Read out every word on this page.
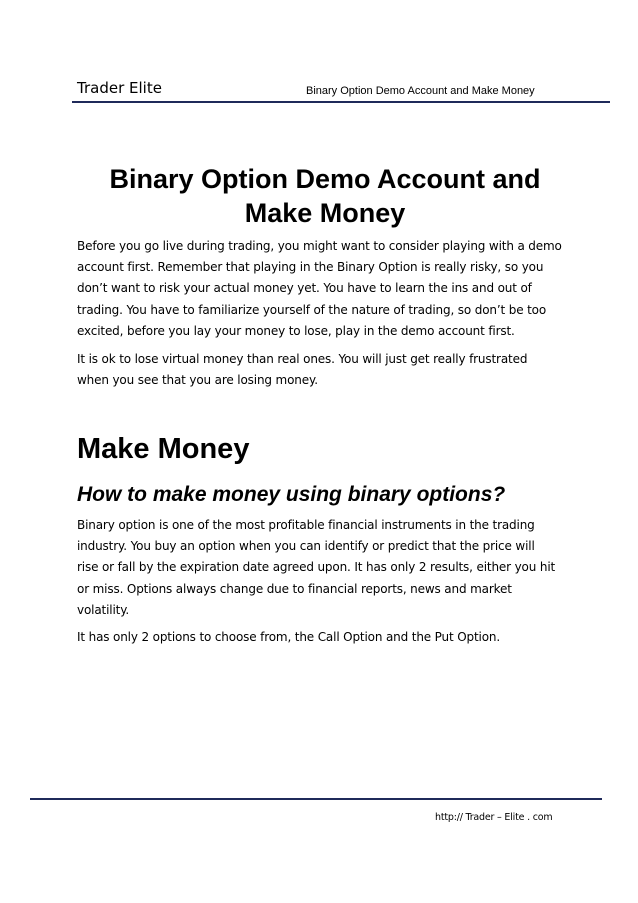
Trader Elite	Binary Option Demo Account and Make Money
Binary Option Demo Account and
Make Money

Before you go live during trading, you might want to consider playing with a demo
account first. Remember that playing in the Binary Option is really risky, so you
don’t want to risk your actual money yet. You have to learn the ins and out of
trading. You have to familiarize yourself of the nature of trading, so don’t be too
excited, before you lay your money to lose, play in the demo account first.

It is ok to lose virtual money than real ones. You will just get really frustrated
when you see that you are losing money.

Make Money
How to make money using binary options?

Binary option is one of the most profitable financial instruments in the trading
industry. You buy an option when you can identify or predict that the price will
rise or fall by the expiration date agreed upon. It has only 2 results, either you hit
or miss. Options always change due to financial reports, news and market
volatility.

It has only 2 options to choose from, the Call Option and the Put Option.

http:// Trader – Elite . com
